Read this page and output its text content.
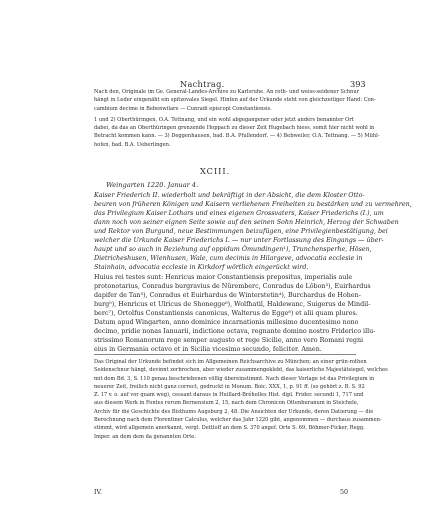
Nachtrag.	393
Nach den, Originale im Ge. General-Landes-Archive zu Karlsruhe. An roth- und weiss-seidener Schnur
hängt in Leder eingenäht ein spitzovales Siegel. Hinten auf der Urkunde steht von gleichzeitiger Hand: Con-
cambium decime in Bebenwilare — Cunradi episcopi Constantiensis.
1 und 2) Oberthüringen, O.A. Tettnang, und ein wohl abgegangener oder jetzt anders benannter Ort
dabei, da das an Oberthüringen grenzende Hoppach zu dieser Zeit Hugebach hiess, somit hier nicht wohl in
Betracht kommen kann. — 3) Deggenhausen, bad. B.A. Pfullendorf. — 4) Bebweiler, O.A. Tettnang. — 5) Mühl-
hofen, bad. B.A. Ueberlingen.
XCIII.
Weingarten 1220. Januar 4.
Kaiser Friederich II. wiederholt und bekräftigt in der Absicht, die dem Kloster Otto-
beuren von früheren Königen und Kaisern verliehenen Freiheiten zu bestärken und zu vermehren,
das Privilegium Kaiser Lothars und eines eigenen Grossvaters, Kaiser Friederichs (I.), um
dann noch von seiner eignen Seite sowie auf den seinen Sohn Heinrich, Herzog der Schwaben
und Rektor von Burgund, neue Bestimmungen beizufügen, eine Privilegienbestätigung, bei
welcher die Urkunde Kaiser Friederichs I. — nur unter Fortlassung des Eingangs — über-
haupt und so auch in Beziehung auf oppidum Ömundingen¹), Trunchensperhe, Hösen,
Dietricheshusen, Wienhusen, Wale, cum decimis in Hilargeve, advocatia ecclesie in
Stainhain, advocatia ecclesie in Kirkdorf wörtlich eingerückt wird.
Huius rei testes sunt: Henricus maior Constantiensis prepositus, imperialis aule
protonotarius, Conradus burgravius de Nüremberc, Conradus de Lôbon³), Euirhardus
dapifer de Tan³), Conradus et Euirhardus de Winterstetin⁴), Burchardus de Hohen-
burg⁵), Henricus et Ulricus de Shonegge⁶), Wolfhatil, Haldewanc, Suigerus de Mindil-
berc⁷), Ortolfus Constantiensis canonicus, Walterus de Egge⁸) et alii quam plures.
Datum apud Wingarten, anno dominice incarnationis millesimo ducentesimo nono
decimo, pridie nonas Ianuarii, indictione octava, regnante domino nostro Friderico illu-
strissimo Romanorum rege semper augusto et rege Sicilie, anno vero Romani regni
eius in Germania octavo et in Sicilia vicesimo secundo, feliciter. Amen.
Das Original der Urkunde befindet sich im Allgemeinen Reichsarchive zu München; an einer grün-rothen
Seidenschnur hängt, devinnt zerbrochen, aber wieder zusammengeklebt, das kaiserliche Majestätsiegel, welches
mit dem Bd. 3, S. 110 genau beschriebenen völlig übereinstimmt. Nach dieser Vorlage ist das Privilegium in
neuerer Zeit, freilich nicht ganz correct, gedruckt in Monum. Boic. XXX, 1, p. 91 ff. (so gehört z. B. S. 92
Z. 17 v. o. auf vor quam weg), cessant daraus in Huillard-Bréholles Hist. dipl. Frider. secundi 1, 717 und
aus diesem Werk in Fontes rerum Bernensium 2, 15, nach dem Chronicon Ottenburanum in Steichele,
Archiv für die Geschichte des Bisthums Augsburg 2, 48. Die Ansichten der Urkunde, deren Datierung — die
Berechnung nach dem Florentiner Calculus, welcher das Jahr 1220 gibt, angenommen — durchaus zusammen-
stimmt, wird allgemein anerkannt, vergl. Dettloff an dem S. 370 angef. Orte S. 69, Böhmer-Ficker, Regg.
Imper. an dem dem da genannten Orte.
IV.	50
